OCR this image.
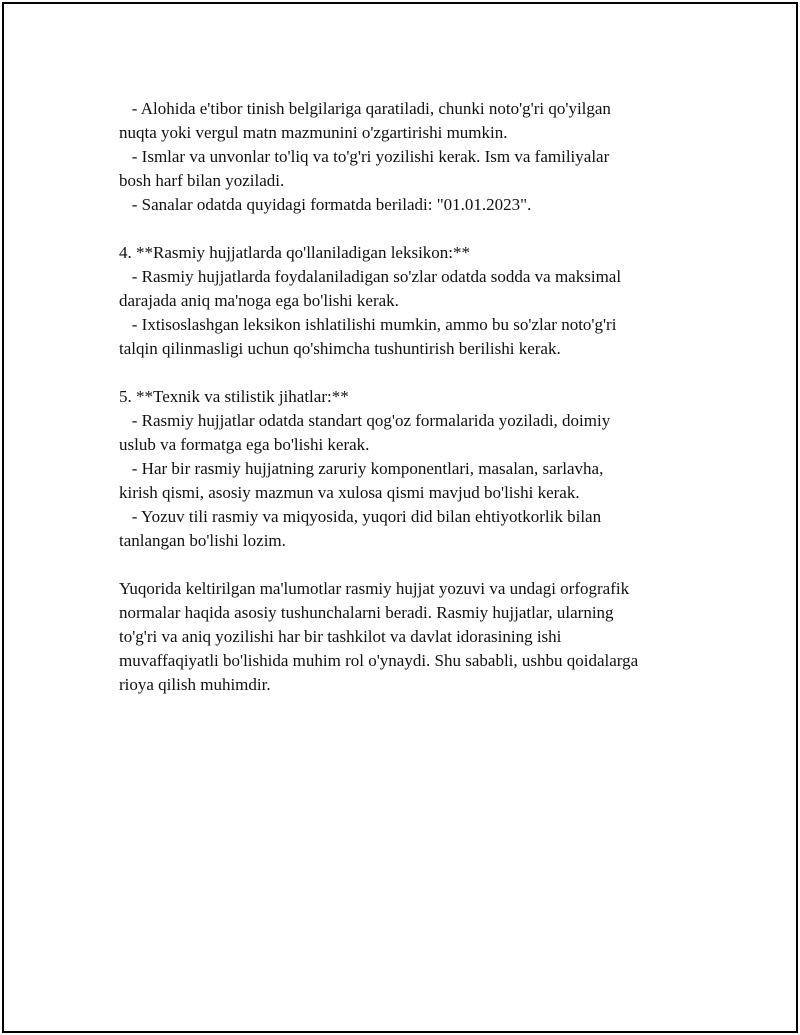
- Alohida e'tibor tinish belgilariga qaratiladi, chunki noto'g'ri qo'yilgan
nuqta yoki vergul matn mazmunini o'zgartirishi mumkin.
- Ismlar va unvonlar to'liq va to'g'ri yozilishi kerak. Ism va familiyalar
bosh harf bilan yoziladi.
- Sanalar odatda quyidagi formatda beriladi: "01.01.2023".
4. **Rasmiy hujjatlarda qo'llaniladigan leksikon:**
- Rasmiy hujjatlarda foydalaniladigan so'zlar odatda sodda va maksimal
darajada aniq ma'noga ega bo'lishi kerak.
- Ixtisoslashgan leksikon ishlatilishi mumkin, ammo bu so'zlar noto'g'ri
talqin qilinmasligi uchun qo'shimcha tushuntirish berilishi kerak.
5. **Texnik va stilistik jihatlar:**
- Rasmiy hujjatlar odatda standart qog'oz formalarida yoziladi, doimiy
uslub va formatga ega bo'lishi kerak.
- Har bir rasmiy hujjatning zaruriy komponentlari, masalan, sarlavha,
kirish qismi, asosiy mazmun va xulosa qismi mavjud bo'lishi kerak.
- Yozuv tili rasmiy va miqyosida, yuqori did bilan ehtiyotkorlik bilan
tanlangan bo'lishi lozim.
Yuqorida keltirilgan ma'lumotlar rasmiy hujjat yozuvi va undagi orfografik
normalar haqida asosiy tushunchalarni beradi. Rasmiy hujjatlar, ularning
to'g'ri va aniq yozilishi har bir tashkilot va davlat idorasining ishi
muvaffaqiyatli bo'lishida muhim rol o'ynaydi. Shu sababli, ushbu qoidalarga
rioya qilish muhimdir.
